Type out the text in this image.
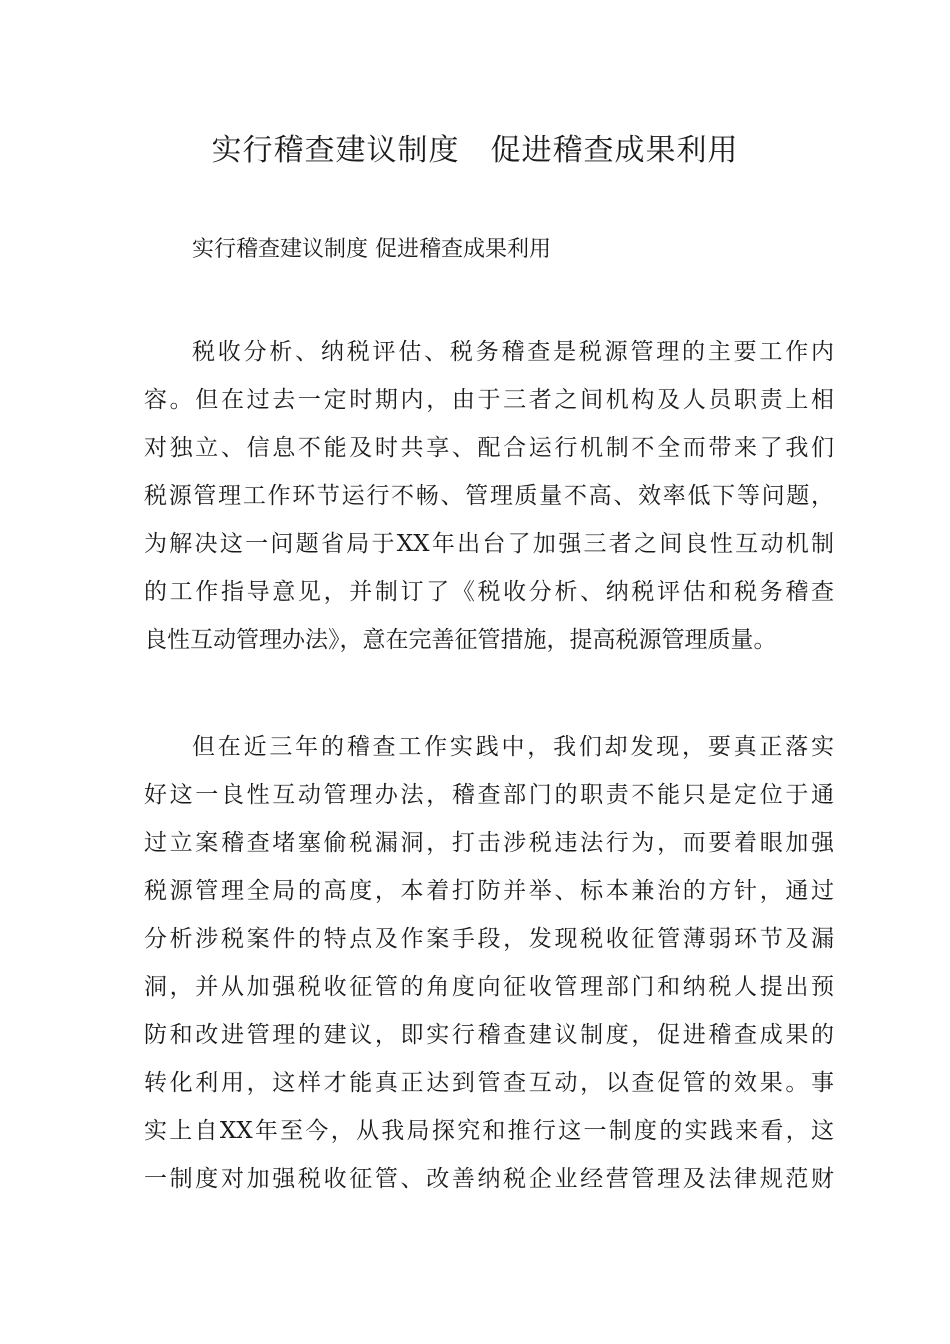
实行稽查建议制度　促进稽查成果利用

实行稽查建议制度 促进稽查成果利用

税收分析、纳税评估、税务稽查是税源管理的主要工作内
容。但在过去一定时期内，由于三者之间机构及人员职责上相
对独立、信息不能及时共享、配合运行机制不全而带来了我们
税源管理工作环节运行不畅、管理质量不高、效率低下等问题，
为解决这一问题省局于XX年出台了加强三者之间良性互动机制
的工作指导意见，并制订了《税收分析、纳税评估和税务稽查
良性互动管理办法》，意在完善征管措施，提高税源管理质量。
但在近三年的稽查工作实践中，我们却发现，要真正落实
好这一良性互动管理办法，稽查部门的职责不能只是定位于通
过立案稽查堵塞偷税漏洞，打击涉税违法行为，而要着眼加强
税源管理全局的高度，本着打防并举、标本兼治的方针，通过
分析涉税案件的特点及作案手段，发现税收征管薄弱环节及漏
洞，并从加强税收征管的角度向征收管理部门和纳税人提出预
防和改进管理的建议，即实行稽查建议制度，促进稽查成果的
转化利用，这样才能真正达到管查互动，以查促管的效果。事
实上自XX年至今，从我局探究和推行这一制度的实践来看，这
一制度对加强税收征管、改善纳税企业经营管理及法律规范财
